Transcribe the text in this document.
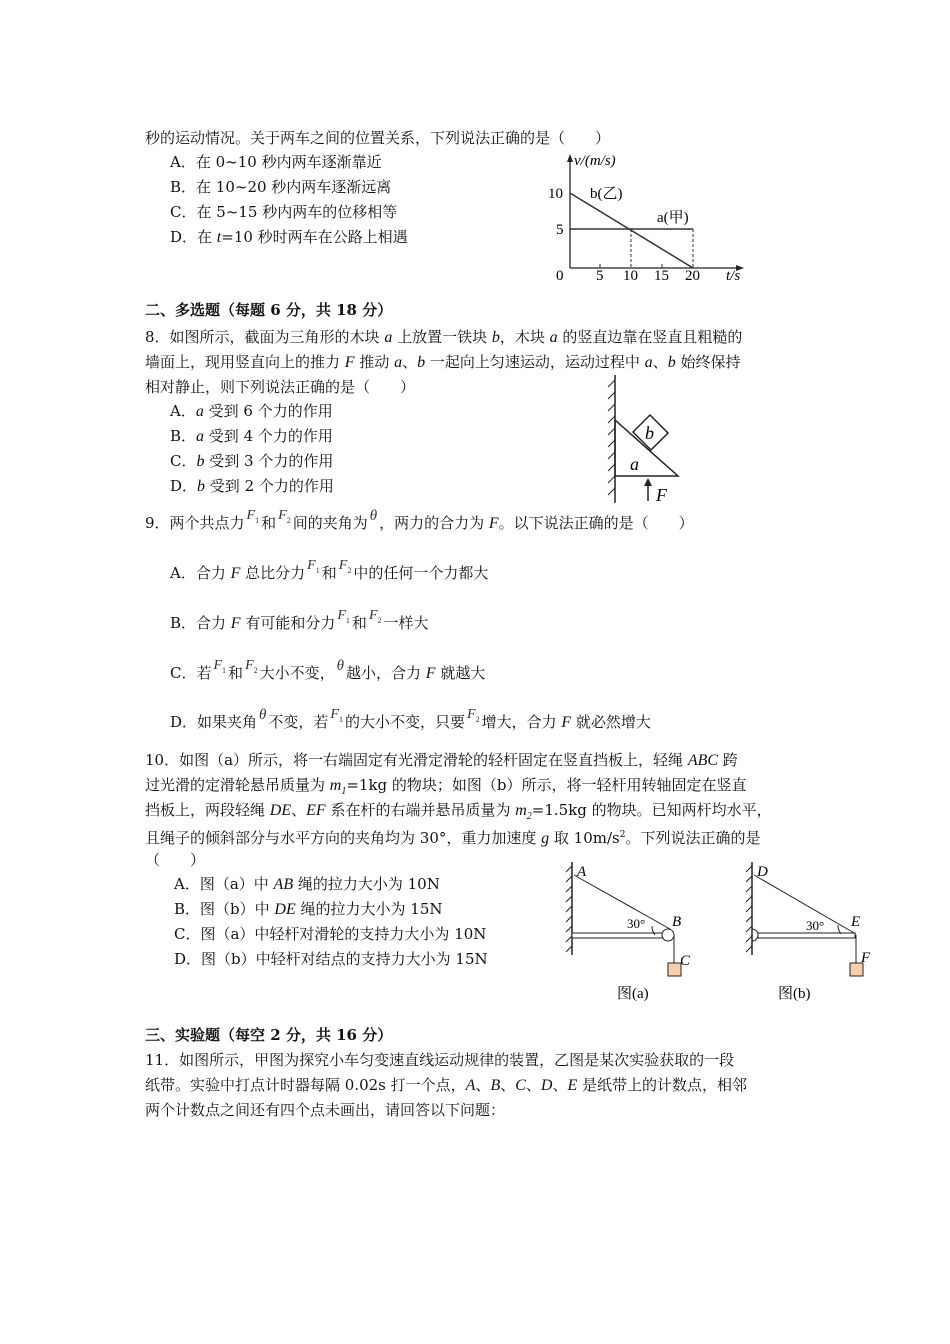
秒的运动情况。关于两车之间的位置关系，下列说法正确的是（　　）
A．在 0~10 秒内两车逐渐靠近
B．在 10~20 秒内两车逐渐远离
C．在 5~15 秒内两车的位移相等
D．在 t=10 秒时两车在公路上相遇
v/(m/s)
10
5
0 5 10 15 20 t/s
b(乙)
a(甲)
二、多选题（每题 6 分，共 18 分）
8．如图所示，截面为三角形的木块 a 上放置一铁块 b，木块 a 的竖直边靠在竖直且粗糙的
墙面上，现用竖直向上的推力 F 推动 a、b 一起向上匀速运动，运动过程中 a、b 始终保持
相对静止，则下列说法正确的是（　　）
A．a 受到 6 个力的作用
B．a 受到 4 个力的作用
C．b 受到 3 个力的作用
D．b 受到 2 个力的作用
b
a
F
9．两个共点力 $F_1$ 和 $F_2$ 间的夹角为 θ ，两力的合力为 F。以下说法正确的是（　　）
A．合力 F 总比分力 $F_1$ 和 $F_2$ 中的任何一个力都大
B．合力 F 有可能和分力 $F_1$ 和 $F_2$ 一样大
C．若 $F_1$ 和 $F_2$ 大小不变， θ 越小，合力 F 就越大
D．如果夹角 θ 不变，若 $F_1$ 的大小不变，只要 $F_2$ 增大，合力 F 就必然增大
10．如图（a）所示，将一右端固定有光滑定滑轮的轻杆固定在竖直挡板上，轻绳 ABC 跨
过光滑的定滑轮悬吊质量为 $m_1=1kg$ 的物块；如图（b）所示，将一轻杆用转轴固定在竖直
挡板上，两段轻绳 DE、EF 系在杆的右端并悬吊质量为 $m_2=1.5kg$ 的物块。已知两杆均水平，
且绳子的倾斜部分与水平方向的夹角均为 30°，重力加速度 g 取 $10m/s^2$。下列说法正确的是
（　　）
A．图（a）中 AB 绳的拉力大小为 10N
B．图（b）中 DE 绳的拉力大小为 15N
C．图（a）中轻杆对滑轮的支持力大小为 10N
D．图（b）中轻杆对结点的支持力大小为 15N
A
B
C
30°
图(a)
D
E
F
30°
图(b)
三、实验题（每空 2 分，共 16 分）
11．如图所示，甲图为探究小车匀变速直线运动规律的装置，乙图是某次实验获取的一段
纸带。实验中打点计时器每隔 0.02s 打一个点，A、B、C、D、E 是纸带上的计数点，相邻
两个计数点之间还有四个点未画出，请回答以下问题：
